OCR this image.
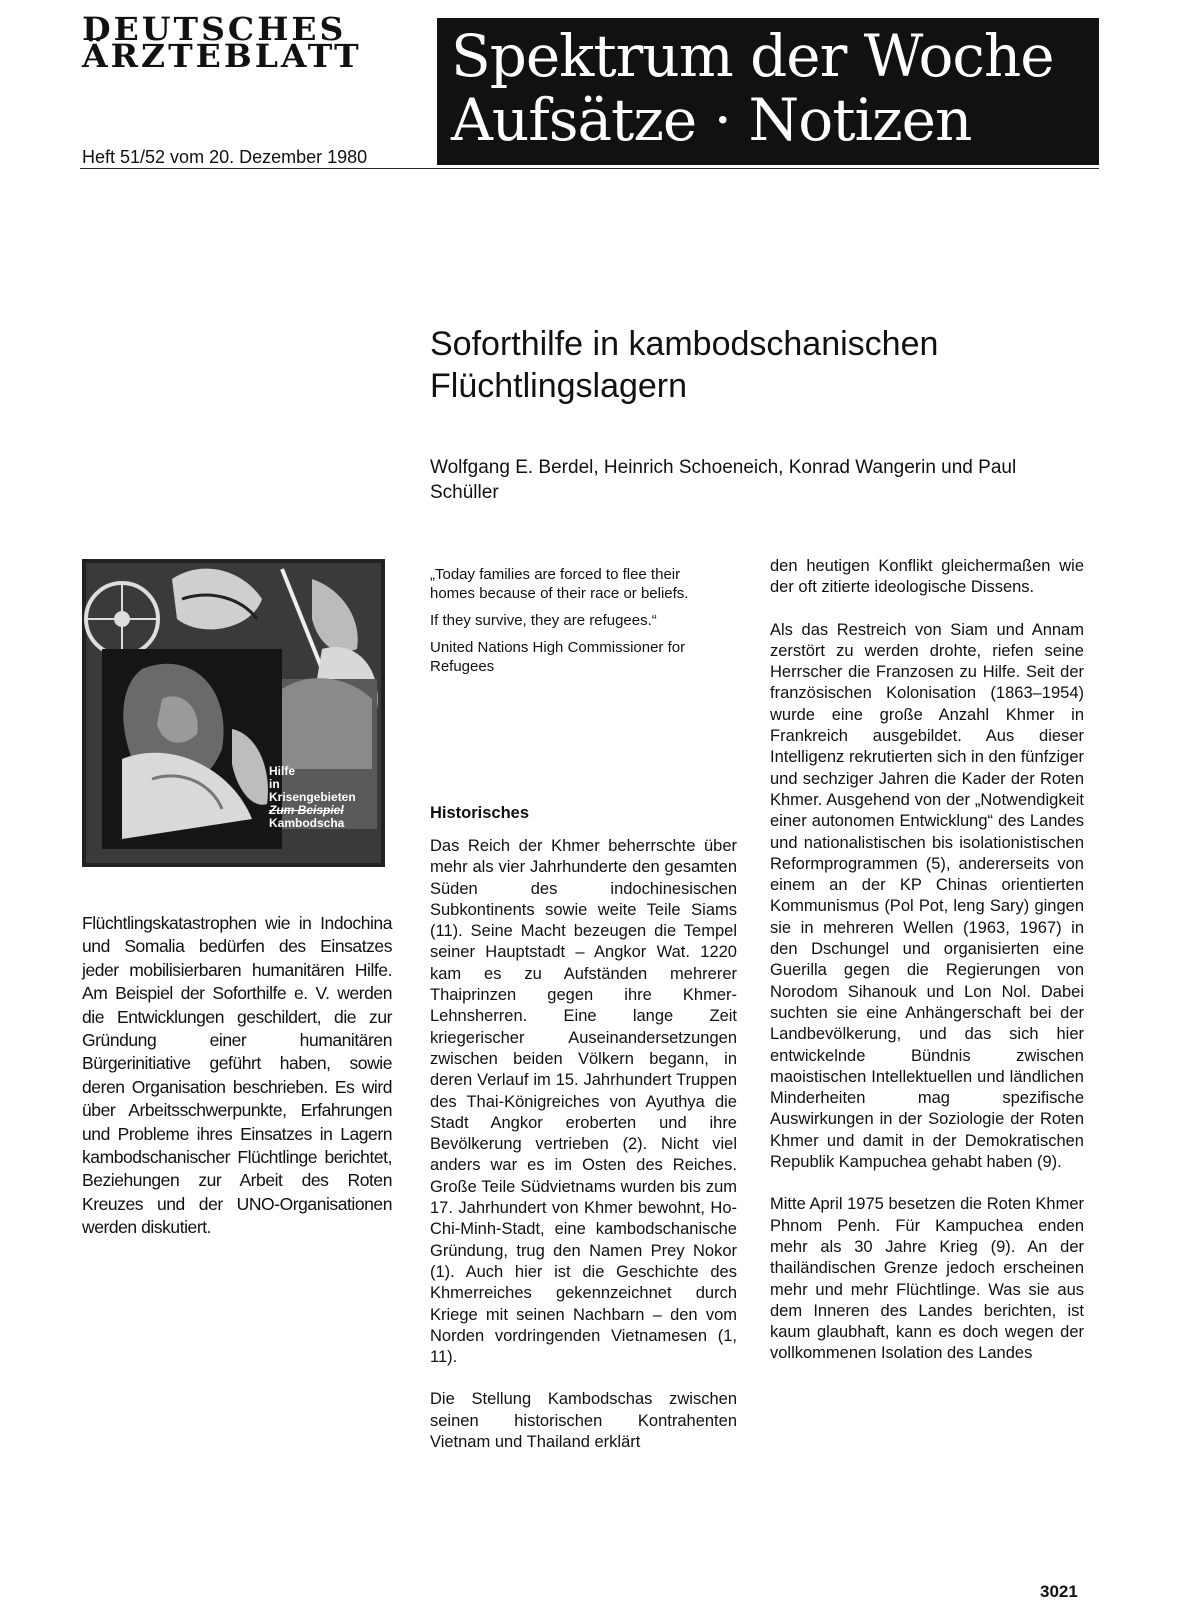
DEUTSCHES
ÄRZTEBLATT
Heft 51/52 vom 20. Dezember 1980
Spektrum der Woche
Aufsätze · Notizen
Soforthilfe in kambodschanischen Flüchtlingslagern
Wolfgang E. Berdel, Heinrich Schoeneich, Konrad Wangerin und Paul Schüller
Hilfe
in Krisengebieten
Zum Beispiel
Kambodscha

Flüchtlingskatastrophen wie in Indochina und Somalia bedürfen des Einsatzes jeder mobilisierbaren humanitären Hilfe. Am Beispiel der Soforthilfe e. V. werden die Entwicklungen geschildert, die zur Gründung einer humanitären Bürgerinitiative geführt haben, sowie deren Organisation beschrieben. Es wird über Arbeitsschwerpunkte, Erfahrungen und Probleme ihres Einsatzes in Lagern kambodschanischer Flüchtlinge berichtet, Beziehungen zur Arbeit des Roten Kreuzes und der UNO-Organisationen werden diskutiert.

„Today families are forced to flee their homes because of their race or beliefs.

If they survive, they are refugees.“

United Nations High Commissioner for Refugees

Historisches

Das Reich der Khmer beherrschte über mehr als vier Jahrhunderte den gesamten Süden des indochinesischen Subkontinents sowie weite Teile Siams (11). Seine Macht bezeugen die Tempel seiner Hauptstadt – Angkor Wat. 1220 kam es zu Aufständen mehrerer Thaiprinzen gegen ihre Khmer-Lehnsherren. Eine lange Zeit kriegerischer Auseinandersetzungen zwischen beiden Völkern begann, in deren Verlauf im 15. Jahrhundert Truppen des Thai-Königreiches von Ayuthya die Stadt Angkor eroberten und ihre Bevölkerung vertrieben (2). Nicht viel anders war es im Osten des Reiches. Große Teile Südvietnams wurden bis zum 17. Jahrhundert von Khmer bewohnt, Ho-Chi-Minh-Stadt, eine kambodschanische Gründung, trug den Namen Prey Nokor (1). Auch hier ist die Geschichte des Khmerreiches gekennzeichnet durch Kriege mit seinen Nachbarn – den vom Norden vordringenden Vietnamesen (1, 11).

Die Stellung Kambodschas zwischen seinen historischen Kontrahenten Vietnam und Thailand erklärt

den heutigen Konflikt gleichermaßen wie der oft zitierte ideologische Dissens.

Als das Restreich von Siam und Annam zerstört zu werden drohte, riefen seine Herrscher die Franzosen zu Hilfe. Seit der französischen Kolonisation (1863–1954) wurde eine große Anzahl Khmer in Frankreich ausgebildet. Aus dieser Intelligenz rekrutierten sich in den fünfziger und sechziger Jahren die Kader der Roten Khmer. Ausgehend von der „Notwendigkeit einer autonomen Entwicklung“ des Landes und nationalistischen bis isolationistischen Reformprogrammen (5), andererseits von einem an der KP Chinas orientierten Kommunismus (Pol Pot, leng Sary) gingen sie in mehreren Wellen (1963, 1967) in den Dschungel und organisierten eine Guerilla gegen die Regierungen von Norodom Sihanouk und Lon Nol. Dabei suchten sie eine Anhängerschaft bei der Landbevölkerung, und das sich hier entwickelnde Bündnis zwischen maoistischen Intellektuellen und ländlichen Minderheiten mag spezifische Auswirkungen in der Soziologie der Roten Khmer und damit in der Demokratischen Republik Kampuchea gehabt haben (9).

Mitte April 1975 besetzen die Roten Khmer Phnom Penh. Für Kampuchea enden mehr als 30 Jahre Krieg (9). An der thailändischen Grenze jedoch erscheinen mehr und mehr Flüchtlinge. Was sie aus dem Inneren des Landes berichten, ist kaum glaubhaft, kann es doch wegen der vollkommenen Isolation des Landes

3021
